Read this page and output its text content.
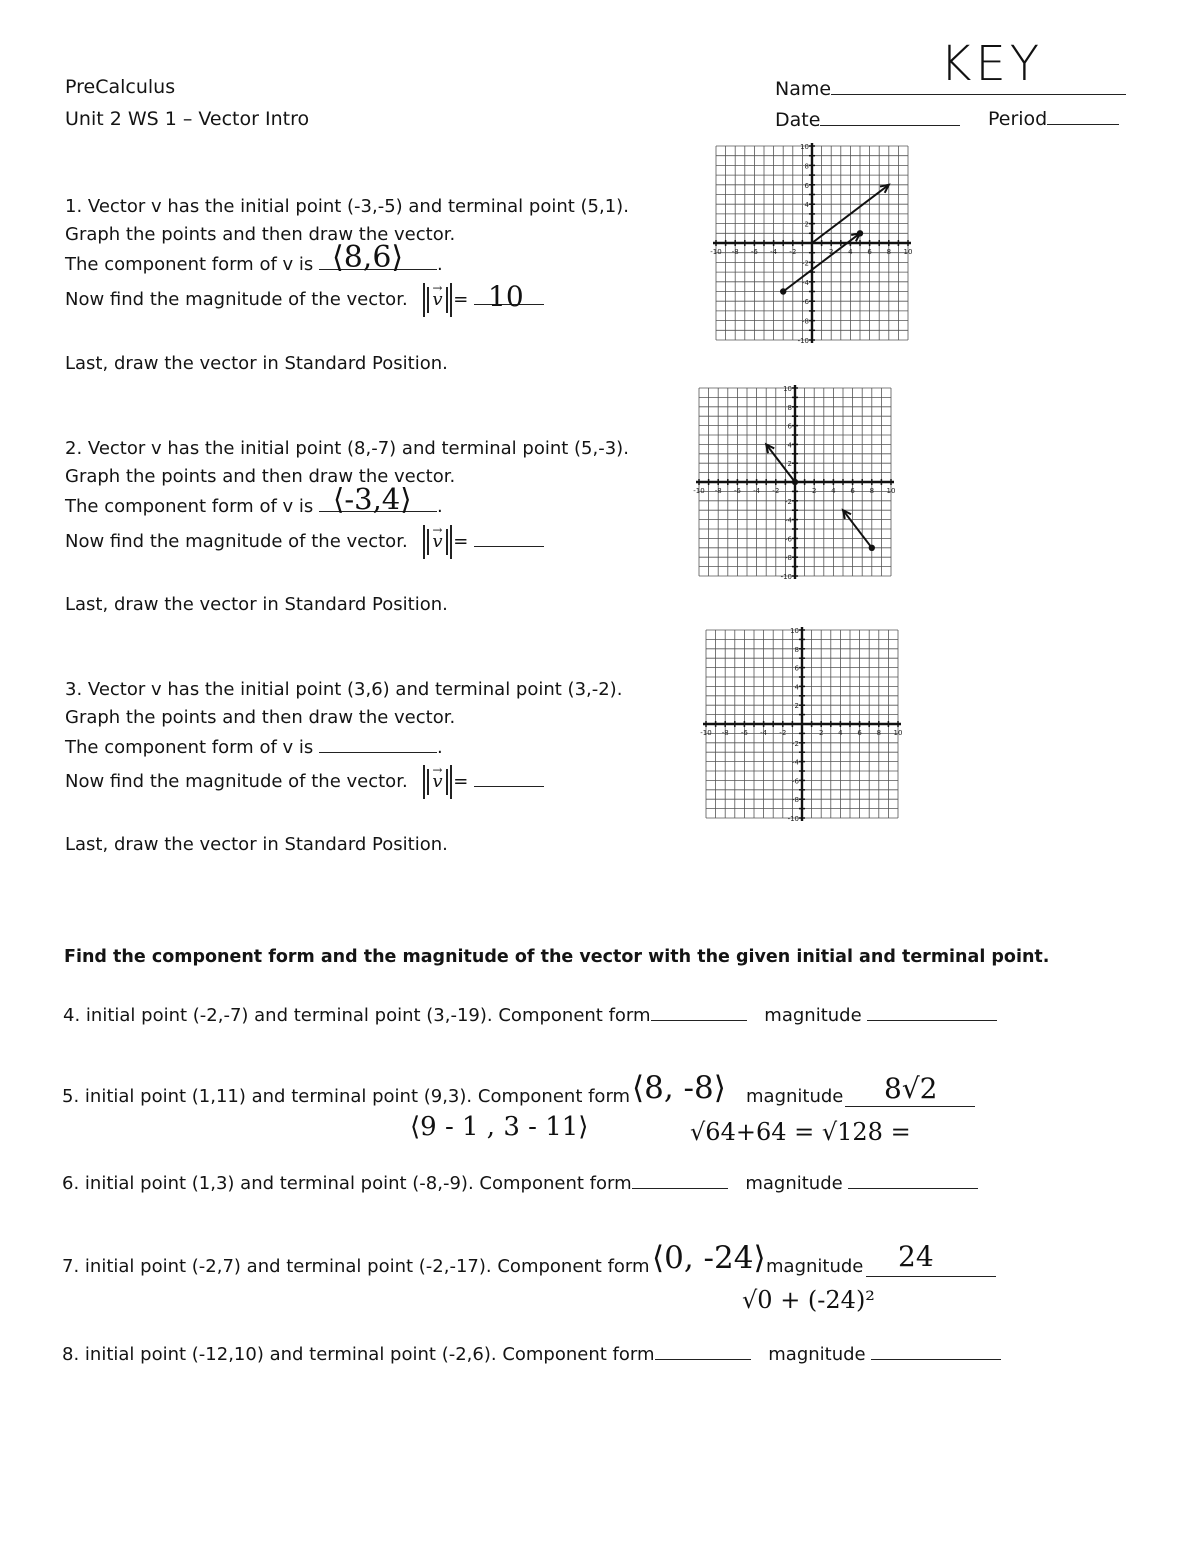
PreCalculus
Unit 2 WS 1 – Vector Intro
Name	KEY
Date	Period
1. Vector v has the initial point (-3,-5) and terminal point (5,1).
Graph the points and then draw the vector.
The component form of v is	.
⟨8,6⟩
Now find the magnitude of the vector. → v = 10
Last, draw the vector in Standard Position.
2. Vector v has the initial point (8,-7) and terminal point (5,-3).
Graph the points and then draw the vector.
The component form of v is	.
⟨-3,4⟩
Now find the magnitude of the vector. → v =
Last, draw the vector in Standard Position.
3. Vector v has the initial point (3,6) and terminal point (3,-2).
Graph the points and then draw the vector.
The component form of v is	.
Now find the magnitude of the vector. → v =
Last, draw the vector in Standard Position.
10
10
8
8
6
6
4
4
2
2
-2
-2
-4
-4
-6
-6
-8
-8
-10
-10
10
10
8
8
6
6
4
4
2
2
-2
-2
-4
-4
-6
-6
-8
-8
-10
-10
10
10
8
8
6
6
4
4
2
2
-2
-2
-4
-4
-6
-6
-8
-8
-10
-10
Find the component form and the magnitude of the vector with the given initial and terminal point.
4. initial point (-2,-7) and terminal point (3,-19). Component form	magnitude
5. initial point (1,11) and terminal point (9,3). Component form ⟨8, -8⟩ magnitude 8√2
⟨9 - 1 , 3 - 11⟩	√64+64 = √128 =
6. initial point (1,3) and terminal point (-8,-9). Component form	magnitude
7. initial point (-2,7) and terminal point (-2,-17). Component form ⟨0, -24⟩ magnitude 24
√0 + (-24)²
8. initial point (-12,10) and terminal point (-2,6). Component form	magnitude
